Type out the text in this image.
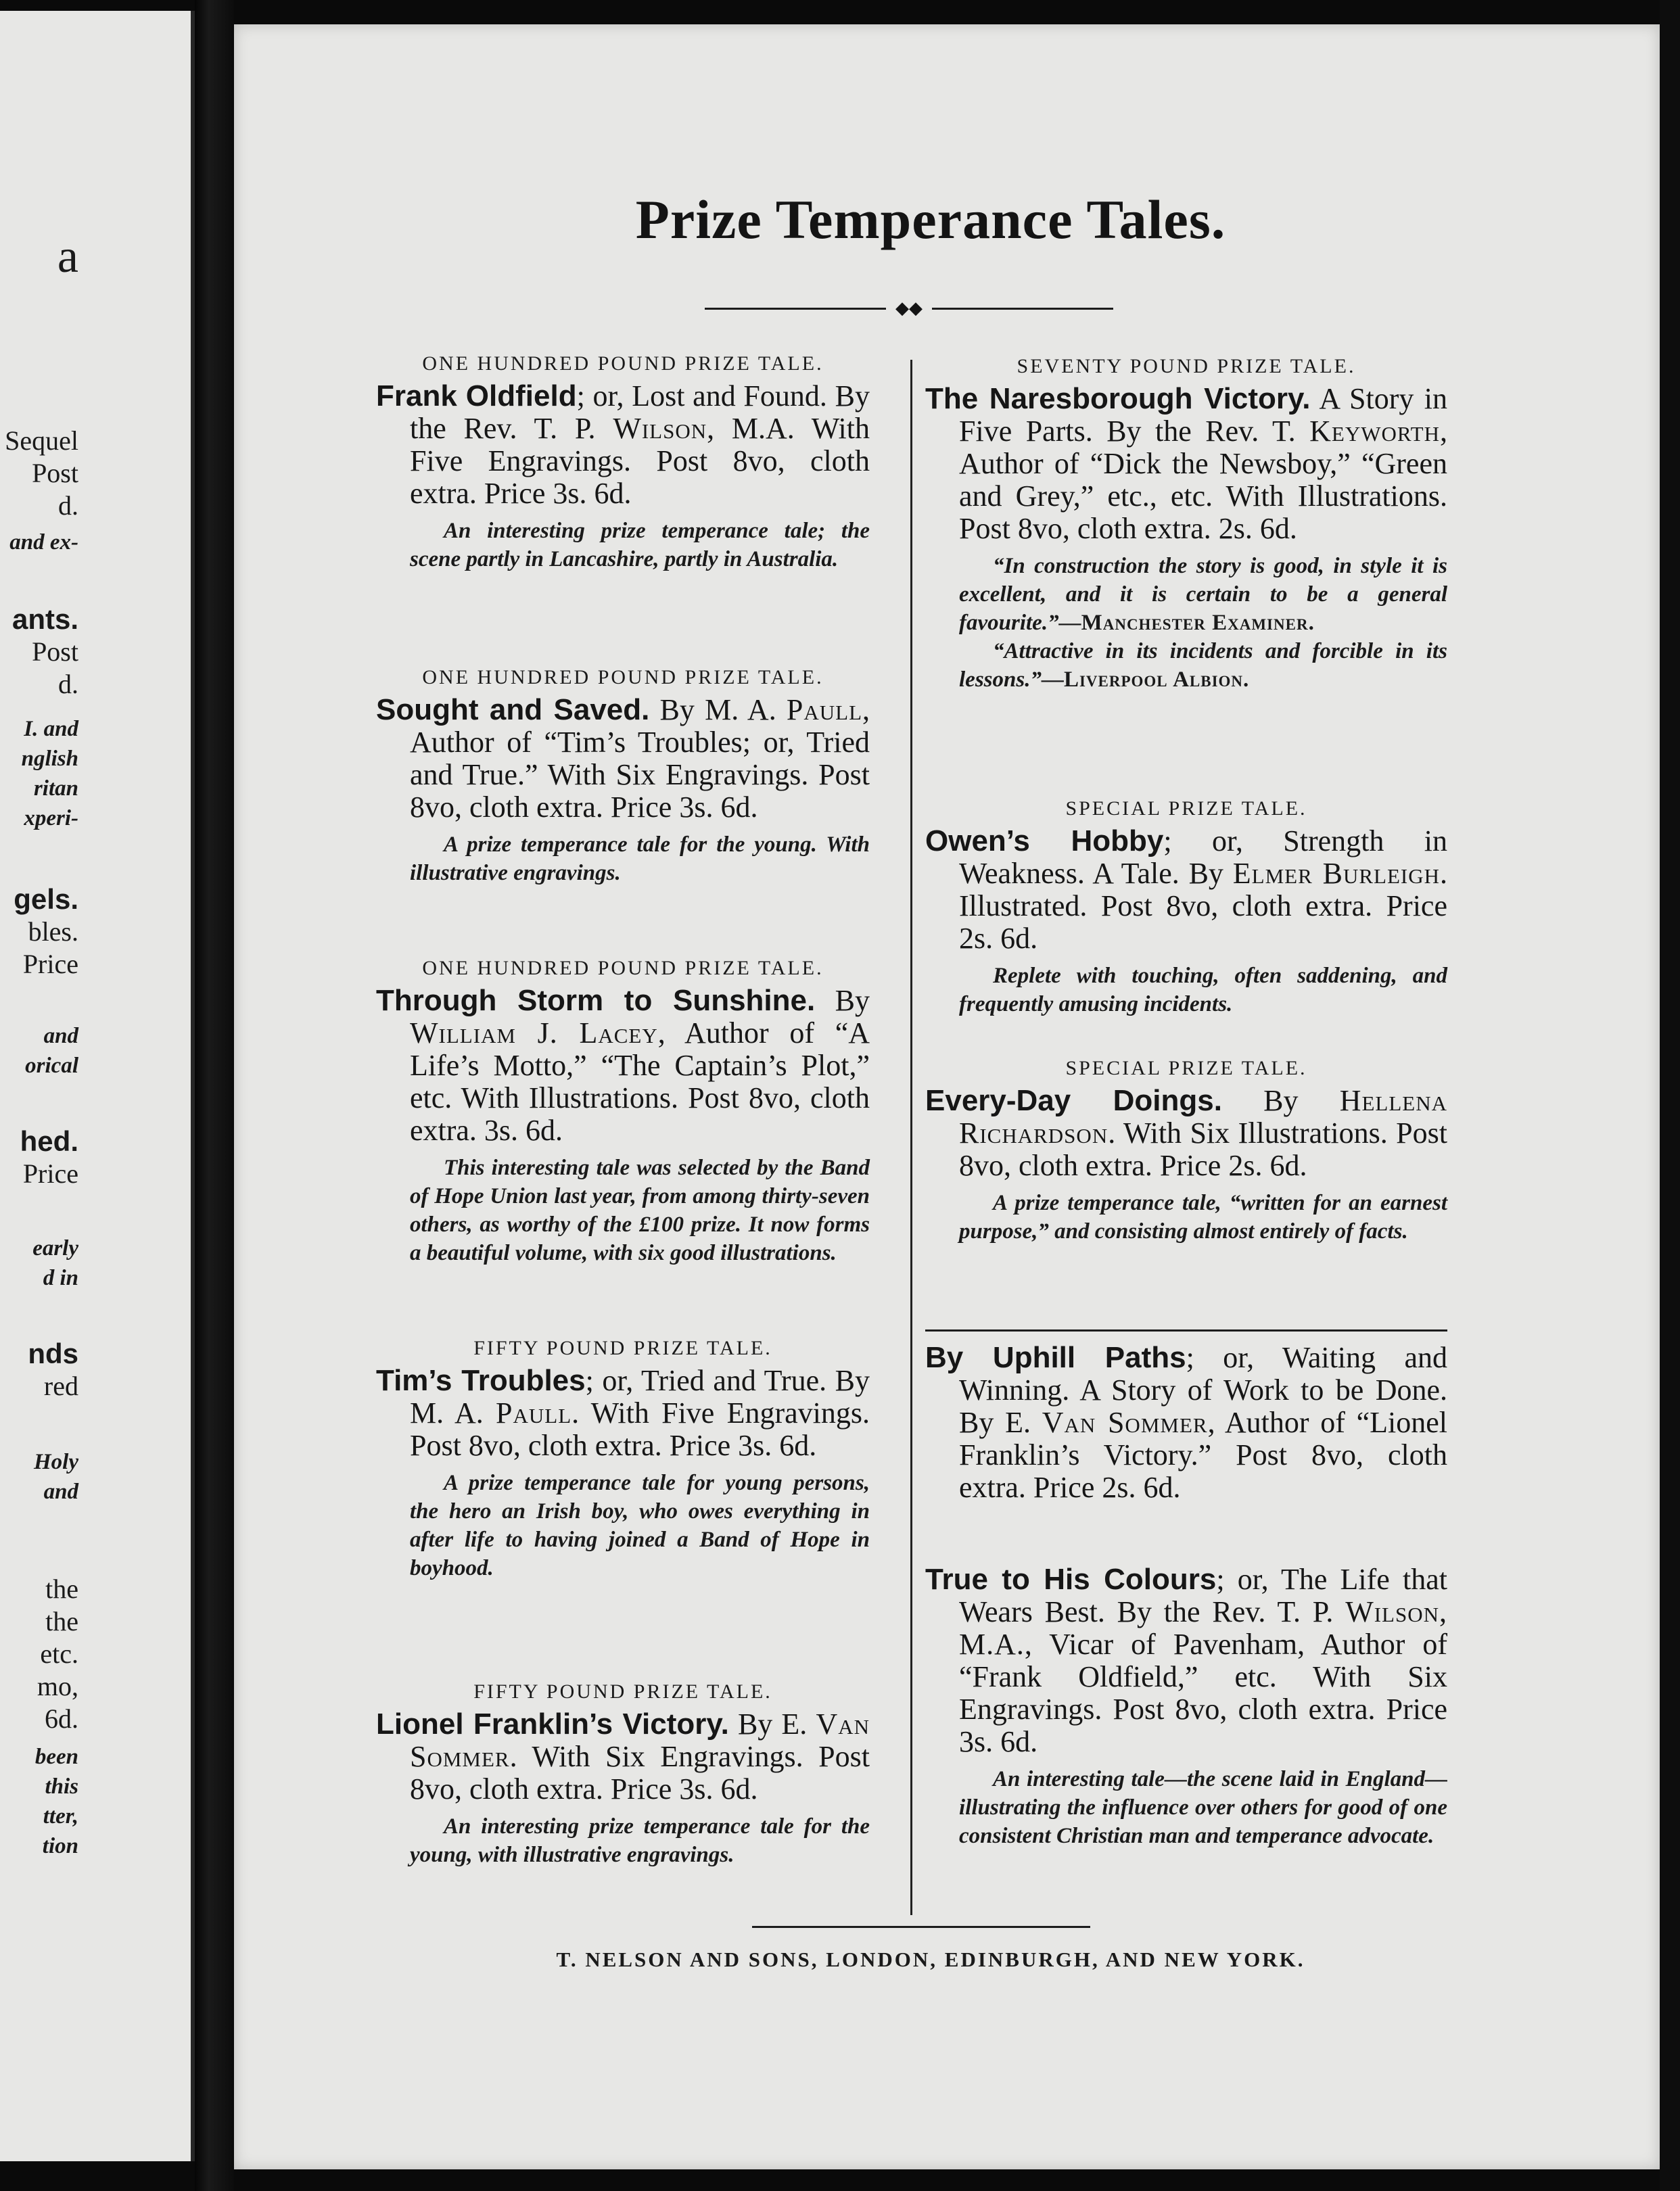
a
Sequel
Post
d.
and ex-
ants.
Post
d.
I. and
nglish
ritan
xperi-
gels.
bles.
Price
and
orical
hed.
Price
early
d in
nds
red
Holy
and
the
the
etc.
mo,
6d.
been
this
tter,
tion
Prize Temperance Tales.
◆◆

ONE HUNDRED POUND PRIZE TALE.

Frank Oldfield; or, Lost and Found. By the Rev. T. P. Wilson, M.A. With Five Engravings. Post 8vo, cloth extra. Price 3s. 6d.

An interesting prize temperance tale; the scene partly in Lancashire, partly in Australia.

ONE HUNDRED POUND PRIZE TALE.

Sought and Saved. By M. A. Paull, Author of “Tim’s Troubles; or, Tried and True.” With Six Engravings. Post 8vo, cloth extra. Price 3s. 6d.

A prize temperance tale for the young. With illustrative engravings.

ONE HUNDRED POUND PRIZE TALE.

Through Storm to Sunshine. By William J. Lacey, Author of “A Life’s Motto,” “The Captain’s Plot,” etc. With Illustrations. Post 8vo, cloth extra. 3s. 6d.

This interesting tale was selected by the Band of Hope Union last year, from among thirty-seven others, as worthy of the £100 prize. It now forms a beautiful volume, with six good illustrations.

FIFTY POUND PRIZE TALE.

Tim’s Troubles; or, Tried and True. By M. A. Paull. With Five Engravings. Post 8vo, cloth extra. Price 3s. 6d.

A prize temperance tale for young persons, the hero an Irish boy, who owes everything in after life to having joined a Band of Hope in boyhood.

FIFTY POUND PRIZE TALE.

Lionel Franklin’s Victory. By E. Van Sommer. With Six Engravings. Post 8vo, cloth extra. Price 3s. 6d.

An interesting prize temperance tale for the young, with illustrative engravings.

SEVENTY POUND PRIZE TALE.

The Naresborough Victory. A Story in Five Parts. By the Rev. T. Keyworth, Author of “Dick the Newsboy,” “Green and Grey,” etc., etc. With Illustrations. Post 8vo, cloth extra. 2s. 6d.

“In construction the story is good, in style it is excellent, and it is certain to be a general favourite.”—Manchester Examiner.

“Attractive in its incidents and forcible in its lessons.”—Liverpool Albion.

SPECIAL PRIZE TALE.

Owen’s Hobby; or, Strength in Weakness. A Tale. By Elmer Burleigh. Illustrated. Post 8vo, cloth extra. Price 2s. 6d.

Replete with touching, often saddening, and frequently amusing incidents.

SPECIAL PRIZE TALE.

Every-Day Doings. By Hellena Richardson. With Six Illustrations. Post 8vo, cloth extra. Price 2s. 6d.

A prize temperance tale, “written for an earnest purpose,” and consisting almost entirely of facts.

By Uphill Paths; or, Waiting and Winning. A Story of Work to be Done. By E. Van Sommer, Author of “Lionel Franklin’s Victory.” Post 8vo, cloth extra. Price 2s. 6d.

True to His Colours; or, The Life that Wears Best. By the Rev. T. P. Wilson, M.A., Vicar of Pavenham, Author of “Frank Oldfield,” etc. With Six Engravings. Post 8vo, cloth extra. Price 3s. 6d.

An interesting tale—the scene laid in England—illustrating the influence over others for good of one consistent Christian man and temperance advocate.

T. NELSON AND SONS, LONDON, EDINBURGH, AND NEW YORK.
